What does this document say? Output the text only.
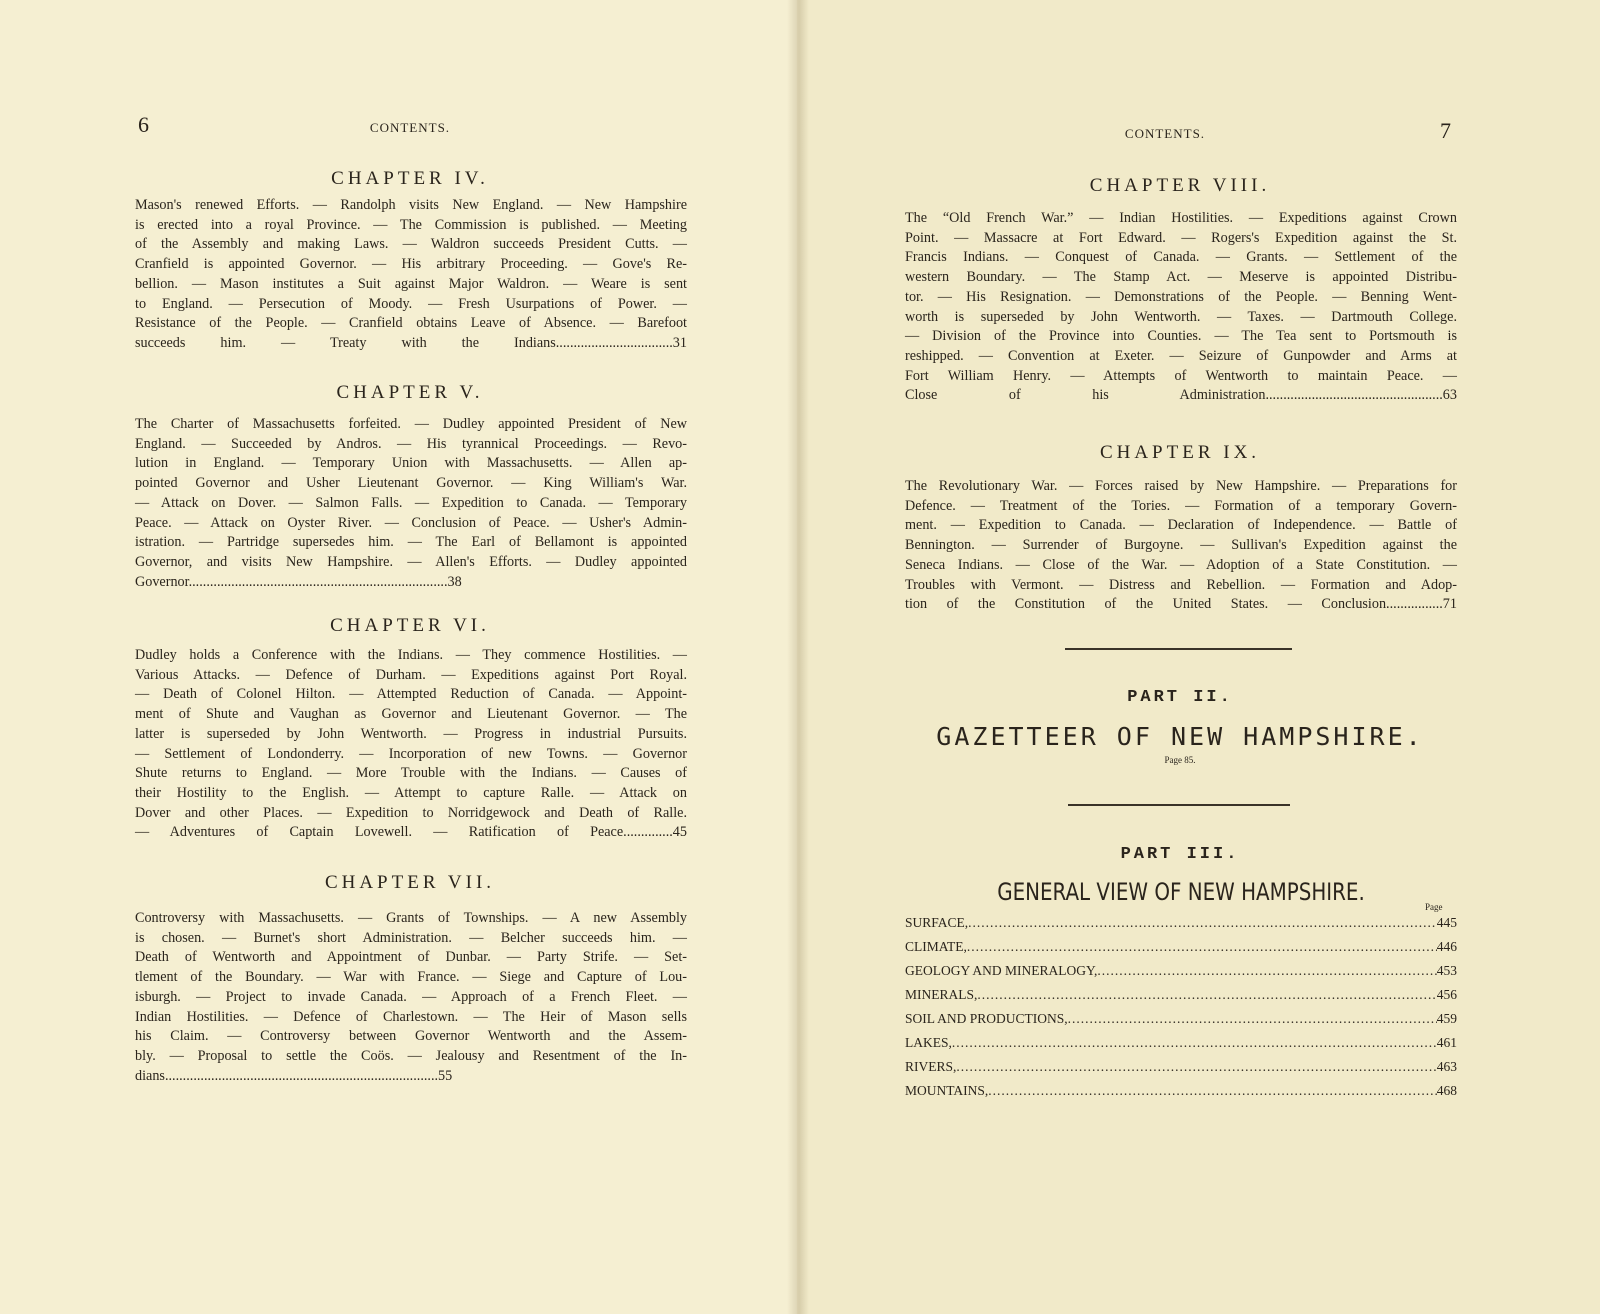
6	CONTENTS.
CHAPTER IV.
Mason's renewed Efforts. — Randolph visits New England. — New Hampshire
is erected into a royal Province. — The Commission is published. — Meeting
of the Assembly and making Laws. — Waldron succeeds President Cutts. —
Cranfield is appointed Governor. — His arbitrary Proceeding. — Gove's Re-
bellion. — Mason institutes a Suit against Major Waldron. — Weare is sent
to England. — Persecution of Moody. — Fresh Usurpations of Power. —
Resistance of the People. — Cranfield obtains Leave of Absence. — Barefoot
succeeds him. — Treaty with the Indians.................................31
CHAPTER V.
The Charter of Massachusetts forfeited. — Dudley appointed President of New
England. — Succeeded by Andros. — His tyrannical Proceedings. — Revo-
lution in England. — Temporary Union with Massachusetts. — Allen ap-
pointed Governor and Usher Lieutenant Governor. — King William's War.
— Attack on Dover. — Salmon Falls. — Expedition to Canada. — Temporary
Peace. — Attack on Oyster River. — Conclusion of Peace. — Usher's Admin-
istration. — Partridge supersedes him. — The Earl of Bellamont is appointed
Governor, and visits New Hampshire. — Allen's Efforts. — Dudley appointed
Governor.........................................................................38
CHAPTER VI.
Dudley holds a Conference with the Indians. — They commence Hostilities. —
Various Attacks. — Defence of Durham. — Expeditions against Port Royal.
— Death of Colonel Hilton. — Attempted Reduction of Canada. — Appoint-
ment of Shute and Vaughan as Governor and Lieutenant Governor. — The
latter is superseded by John Wentworth. — Progress in industrial Pursuits.
— Settlement of Londonderry. — Incorporation of new Towns. — Governor
Shute returns to England. — More Trouble with the Indians. — Causes of
their Hostility to the English. — Attempt to capture Ralle. — Attack on
Dover and other Places. — Expedition to Norridgewock and Death of Ralle.
— Adventures of Captain Lovewell. — Ratification of Peace..............45
CHAPTER VII.
Controversy with Massachusetts. — Grants of Townships. — A new Assembly
is chosen. — Burnet's short Administration. — Belcher succeeds him. —
Death of Wentworth and Appointment of Dunbar. — Party Strife. — Set-
tlement of the Boundary. — War with France. — Siege and Capture of Lou-
isburgh. — Project to invade Canada. — Approach of a French Fleet. —
Indian Hostilities. — Defence of Charlestown. — The Heir of Mason sells
his Claim. — Controversy between Governor Wentworth and the Assem-
bly. — Proposal to settle the Coös. — Jealousy and Resentment of the In-
dians.............................................................................55
CONTENTS.	7
CHAPTER VIII.
The “Old French War.” — Indian Hostilities. — Expeditions against Crown
Point. — Massacre at Fort Edward. — Rogers's Expedition against the St.
Francis Indians. — Conquest of Canada. — Grants. — Settlement of the
western Boundary. — The Stamp Act. — Meserve is appointed Distribu-
tor. — His Resignation. — Demonstrations of the People. — Benning Went-
worth is superseded by John Wentworth. — Taxes. — Dartmouth College.
— Division of the Province into Counties. — The Tea sent to Portsmouth is
reshipped. — Convention at Exeter. — Seizure of Gunpowder and Arms at
Fort William Henry. — Attempts of Wentworth to maintain Peace. —
Close of his Administration..................................................63
CHAPTER IX.
The Revolutionary War. — Forces raised by New Hampshire. — Preparations for
Defence. — Treatment of the Tories. — Formation of a temporary Govern-
ment. — Expedition to Canada. — Declaration of Independence. — Battle of
Bennington. — Surrender of Burgoyne. — Sullivan's Expedition against the
Seneca Indians. — Close of the War. — Adoption of a State Constitution. —
Troubles with Vermont. — Distress and Rebellion. — Formation and Adop-
tion of the Constitution of the United States. — Conclusion................71
PART II.
GAZETTEER OF NEW HAMPSHIRE.
Page 85.
PART III.
GENERAL VIEW OF NEW HAMPSHIRE.
Page
SURFACE, .....	445
CLIMATE, .....	446
GEOLOGY AND MINERALOGY, .....	453
MINERALS, .....	456
SOIL AND PRODUCTIONS, .....	459
LAKES, .....	461
RIVERS, .....	463
MOUNTAINS, .....	468
